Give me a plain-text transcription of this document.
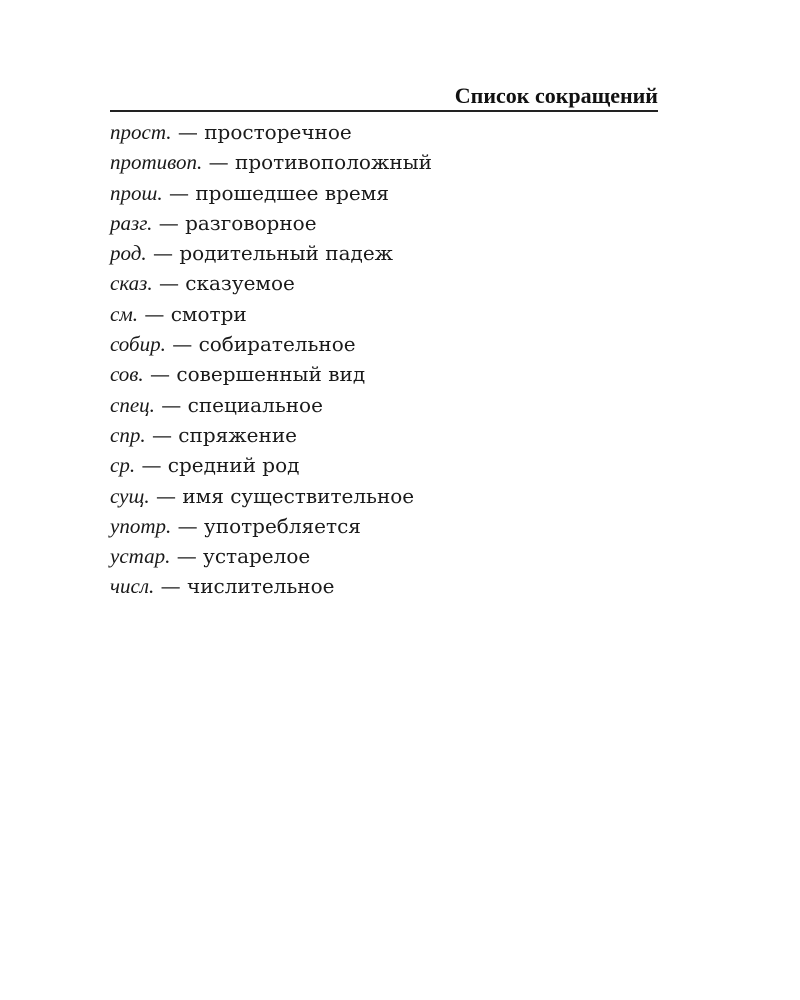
Список сокращений
прост. — просторечное
противоп. — противоположный
прош. — прошедшее время
разг. — разговорное
род. — родительный падеж
сказ. — сказуемое
см. — смотри
собир. — собирательное
сов. — совершенный вид
спец. — специальное
спр. — спряжение
ср. — средний род
сущ. — имя существительное
употр. — употребляется
устар. — устарелое
числ. — числительное
